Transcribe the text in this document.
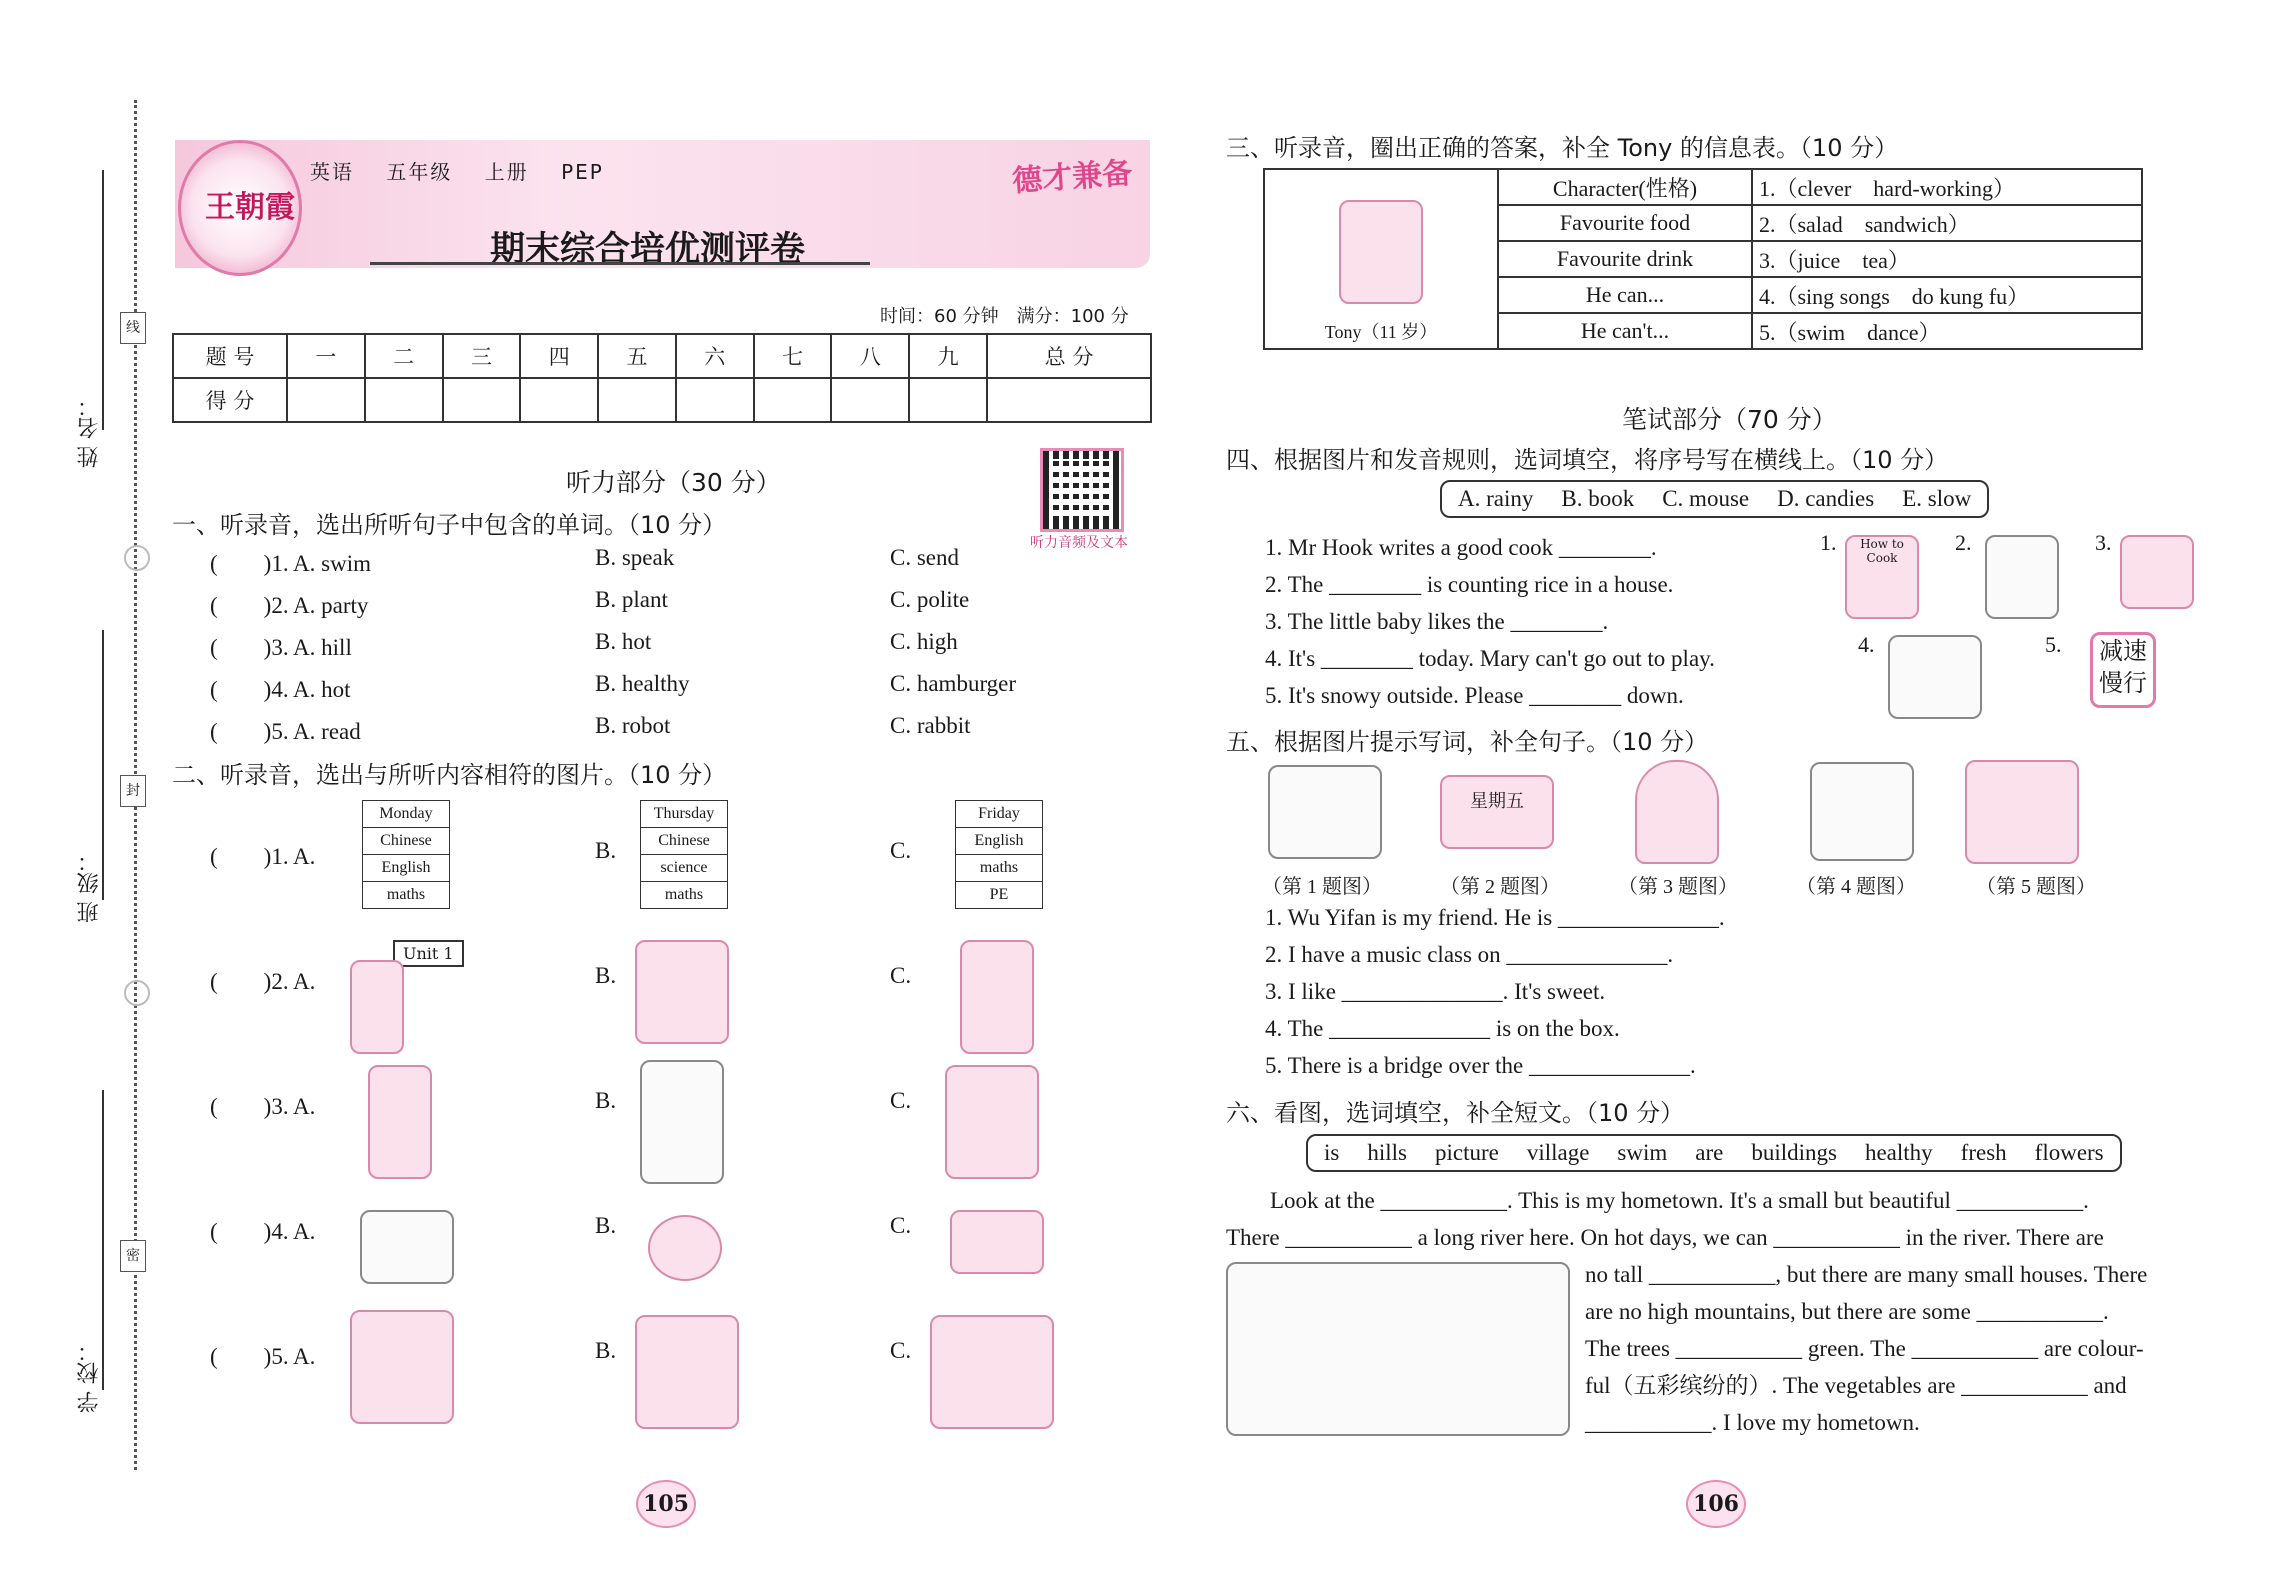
姓 名：
班 级：
学 校：
线
封
密
王朝霞
英语 五年级 上册 PEP	德才兼备
期末综合培优测评卷
时间：60 分钟　满分：100 分
题 号	一	二	三	四	五	六	七	八	九	总 分
得 分										
听力部分（30 分）
听力音频及文本
一、听录音，选出所听句子中包含的单词。（10 分）
(　　)1. A. swim	B. speak	C. send
(　　)2. A. party	B. plant	C. polite
(　　)3. A. hill	B. hot	C. high
(　　)4. A. hot	B. healthy	C. hamburger
(　　)5. A. read	B. robot	C. rabbit
二、听录音，选出与所听内容相符的图片。（10 分）
(　　)1. A.	B.	C.
(　　)2. A.	B.	C.
(　　)3. A.	B.	C.
(　　)4. A.	B.	C.
(　　)5. A.	B.	C.
Monday
Chinese
English
maths
Thursday
Chinese
science
maths
Friday
English
maths
PE
Unit 1
105
三、听录音，圈出正确的答案，补全 Tony 的信息表。（10 分）
Tony（11 岁）	Character(性格)	1.（clever　hard-working）
	Favourite food	2.（salad　sandwich）
	Favourite drink	3.（juice　tea）
	He can...	4.（sing songs　do kung fu）
	He can't...	5.（swim　dance）
笔试部分（70 分）
四、根据图片和发音规则，选词填空，将序号写在横线上。（10 分）
A. rainy B. book C. mouse D. candies E. slow
1. Mr Hook writes a good cook ________.
2. The ________ is counting rice in a house.
3. The little baby likes the ________.
4. It's ________ today. Mary can't go out to play.
5. It's snowy outside. Please ________ down.
1.	How to Cook
2.	3.
4.	5.	减速慢行
五、根据图片提示写词，补全句子。（10 分）
星期五
（第 1 题图）	（第 2 题图）	（第 3 题图）	（第 4 题图）	（第 5 题图）
1. Wu Yifan is my friend. He is ______________.
2. I have a music class on ______________.
3. I like ______________. It's sweet.
4. The ______________ is on the box.
5. There is a bridge over the ______________.
六、看图，选词填空，补全短文。（10 分）
is hills picture village swim are buildings healthy fresh flowers
Look at the ___________. This is my hometown. It's a small but beautiful ___________.
There ___________ a long river here. On hot days, we can ___________ in the river. There are
no tall ___________, but there are many small houses. There
are no high mountains, but there are some ___________.
The trees ___________ green. The ___________ are colour-
ful（五彩缤纷的）. The vegetables are ___________ and
___________. I love my hometown.
106
